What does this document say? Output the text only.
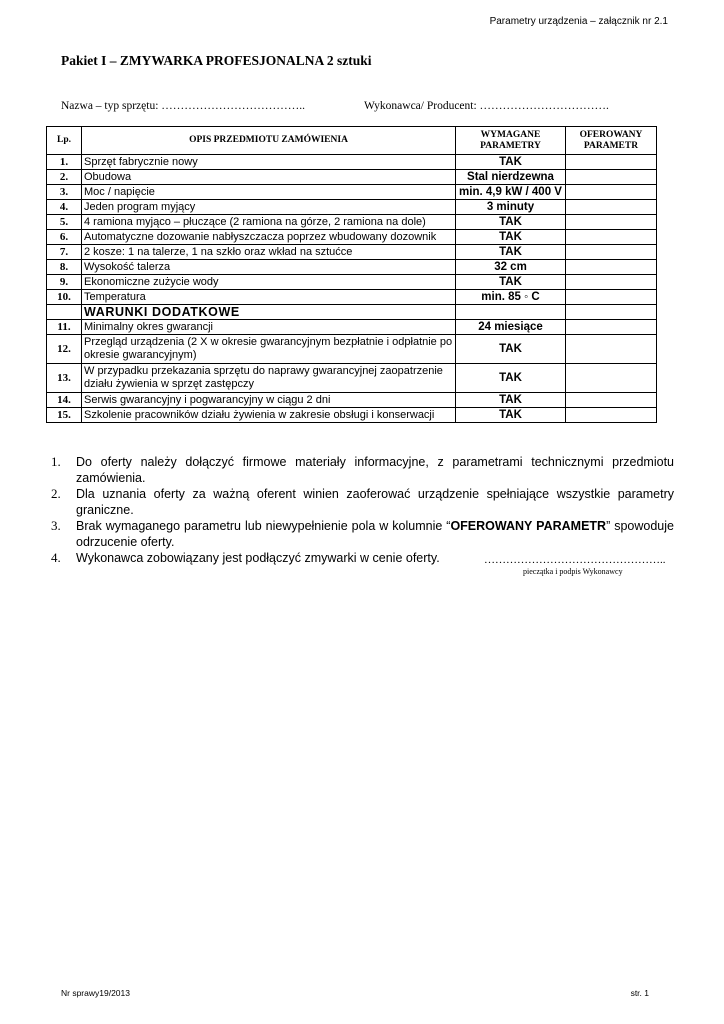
Parametry urządzenia – załącznik nr 2.1
Pakiet I – ZMYWARKA PROFESJONALNA 2 sztuki
Nazwa – typ sprzętu: ………………………………..	Wykonawca/ Producent: …………………………….
Lp.	OPIS PRZEDMIOTU ZAMÓWIENIA	WYMAGANE PARAMETRY	OFEROWANY PARAMETR
1.	Sprzęt fabrycznie nowy	TAK	
2.	Obudowa	Stal nierdzewna	
3.	Moc / napięcie	min. 4,9 kW / 400 V	
4.	Jeden program myjący	3 minuty	
5.	4 ramiona myjąco – płuczące (2 ramiona na górze, 2 ramiona na dole)	TAK	
6.	Automatyczne dozowanie nabłyszczacza poprzez wbudowany dozownik	TAK	
7.	2 kosze: 1 na talerze, 1 na szkło oraz wkład na sztućce	TAK	
8.	Wysokość talerza	32 cm	
9.	Ekonomiczne zużycie wody	TAK	
10.	Temperatura	min. 85 ◦ C	
	WARUNKI DODATKOWE		
11.	Minimalny okres gwarancji	24 miesiące	
12.	Przegląd urządzenia (2 X w okresie gwarancyjnym bezpłatnie i odpłatnie po okresie gwarancyjnym)	TAK	
13.	W przypadku przekazania sprzętu do naprawy gwarancyjnej zaopatrzenie działu żywienia w sprzęt zastępczy	TAK	
14.	Serwis gwarancyjny i pogwarancyjny w ciągu 2 dni	TAK	
15.	Szkolenie pracowników działu żywienia w zakresie obsługi i konserwacji	TAK	
1. Do oferty należy dołączyć firmowe materiały informacyjne, z parametrami technicznymi przedmiotu zamówienia.
2. Dla uznania oferty za ważną oferent winien zaoferować urządzenie spełniające wszystkie parametry graniczne.
3. Brak wymaganego parametru lub niewypełnienie pola w kolumnie “OFEROWANY PARAMETR” spowoduje odrzucenie oferty.
4. Wykonawca zobowiązany jest podłączyć zmywarki w cenie oferty.	…………………………………………..
pieczątka i podpis Wykonawcy
Nr sprawy19/2013	str. 1
